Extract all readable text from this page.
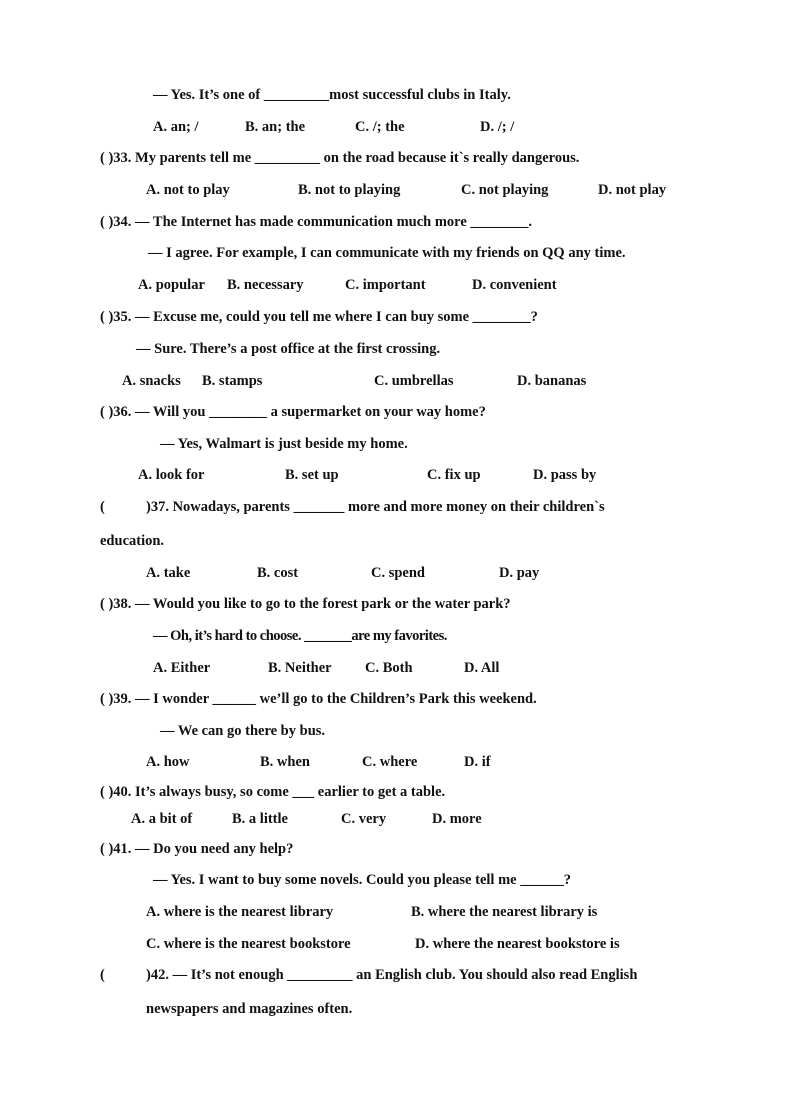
— Yes. It’s one of _________most successful clubs in Italy.
A. an; /	B. an; the	C. /; the	D. /; /
( )33. My parents tell me _________ on the road because it`s really dangerous.
A. not to play	B. not to playing	C. not playing	D. not play
( )34. — The Internet has made communication much more ________.
— I agree. For example, I can communicate with my friends on QQ any time.
A. popular B. necessary	C. important	D. convenient
( )35. — Excuse me, could you tell me where I can buy some ________?
— Sure. There’s a post office at the first crossing.
A. snacks B. stamps	C. umbrellas	D. bananas
( )36. — Will you ________ a supermarket on your way home?
— Yes, Walmart is just beside my home.
A. look for	B. set up	C. fix up	D. pass by
(	)37. Nowadays, parents _______ more and more money on their children`s
education.
A. take	B. cost	C. spend	D. pay
( )38. — Would you like to go to the forest park or the water park?
— Oh, it’s hard to choose. _______are my favorites.
A. Either	B. Neither C. Both	D. All
( )39. — I wonder ______ we’ll go to the Children’s Park this weekend.
— We can go there by bus.
A. how	B. when	C. where	D. if
( )40. It’s always busy, so come ___ earlier to get a table.
A. a bit of	B. a little	C. very	D. more
( )41. — Do you need any help?
— Yes. I want to buy some novels. Could you please tell me ______?
A. where is the nearest library	B. where the nearest library is
C. where is the nearest bookstore	D. where the nearest bookstore is
(	)42. — It’s not enough _________ an English club. You should also read English
newspapers and magazines often.
